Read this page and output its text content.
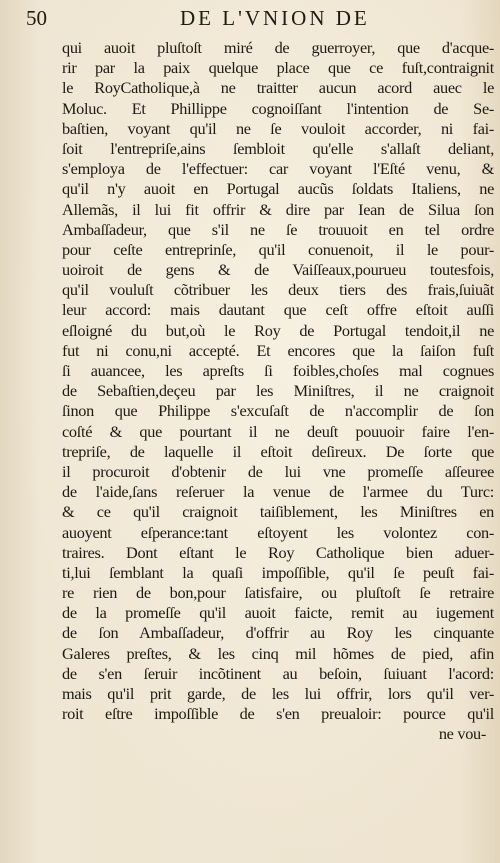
50	DE L'VNION DE
qui auoit pluſtoſt miré de guerroyer, que d'acque-
rir par la paix quelque place que ce fuſt,contraignit
le RoyCatholique,à ne traitter aucun acord auec le
Moluc. Et Phillippe cognoiſſant l'intention de Se-
baſtien, voyant qu'il ne ſe vouloit accorder, ni fai-
ſoit l'entrepriſe,ains ſembloit qu'elle s'allaſt deliant,
s'employa de l'effectuer: car voyant l'Eſté venu, &
qu'il n'y auoit en Portugal aucũs ſoldats Italiens, ne
Allemãs, il lui fit offrir & dire par Iean de Silua ſon
Ambaſſadeur, que s'il ne ſe trouuoit en tel ordre
pour ceſte entreprinſe, qu'il conuenoit, il le pour-
uoiroit de gens & de Vaiſſeaux,pourueu toutesfois,
qu'il vouluſt cõtribuer les deux tiers des frais,ſuiuãt
leur accord: mais dautant que ceſt offre eſtoit auſſi
eſloigné du but,où le Roy de Portugal tendoit,il ne
fut ni conu,ni accepté. Et encores que la ſaiſon fuſt
ſi auancee, les apreſts ſi foibles,choſes mal cognues
de Sebaſtien,deçeu par les Miniſtres, il ne craignoit
ſinon que Philippe s'excuſaſt de n'accomplir de ſon
coſté & que pourtant il ne deuſt pouuoir faire l'en-
trepriſe, de laquelle il eſtoit deſireux. De ſorte que
il procuroit d'obtenir de lui vne promeſſe aſſeuree
de l'aide,ſans reſeruer la venue de l'armee du Turc:
& ce qu'il craignoit taiſiblement, les Miniſtres en
auoyent eſperance:tant eſtoyent les volontez con-
traires. Dont eſtant le Roy Catholique bien aduer-
ti,lui ſemblant la quaſi impoſſible, qu'il ſe peuſt fai-
re rien de bon,pour ſatisfaire, ou pluſtoſt ſe retraire
de la promeſſe qu'il auoit faicte, remit au iugement
de ſon Ambaſſadeur, d'offrir au Roy les cinquante
Galeres preſtes, & les cinq mil hõmes de pied, afin
de s'en ſeruir incõtinent au beſoin, ſuiuant l'acord:
mais qu'il prit garde, de les lui offrir, lors qu'il ver-
roit eſtre impoſſible de s'en preualoir: pource qu'il
ne vou-
